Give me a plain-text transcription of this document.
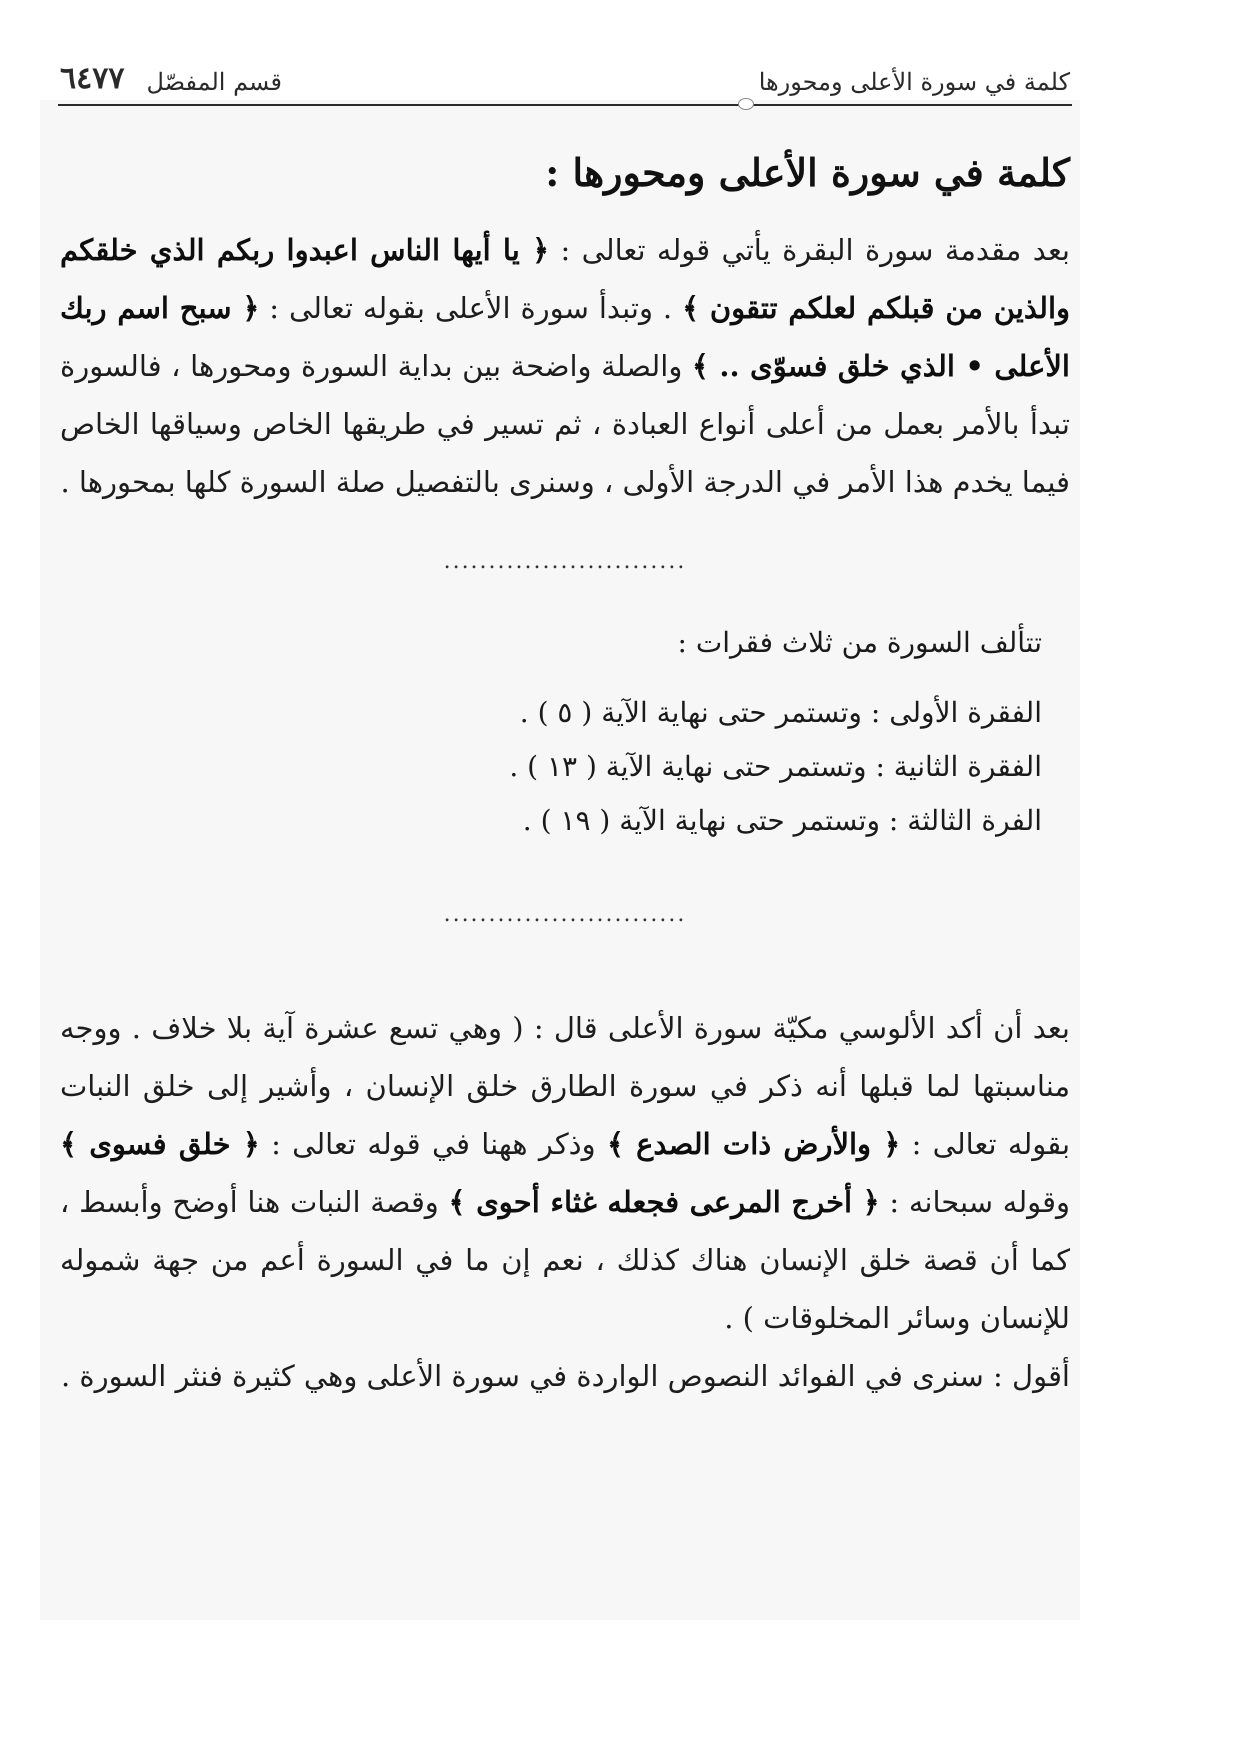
كلمة في سورة الأعلى ومحورها
قسم المفصّل
٦٤٧٧
كلمة في سورة الأعلى ومحورها :

بعد مقدمة سورة البقرة يأتي قوله تعالى : ﴿ يا أيها الناس اعبدوا ربكم الذي خلقكم والذين من قبلكم لعلكم تتقون ﴾ . وتبدأ سورة الأعلى بقوله تعالى : ﴿ سبح اسم ربك الأعلى • الذي خلق فسوّى .. ﴾ والصلة واضحة بين بداية السورة ومحورها ، فالسورة تبدأ بالأمر بعمل من أعلى أنواع العبادة ، ثم تسير في طريقها الخاص وسياقها الخاص فيما يخدم هذا الأمر في الدرجة الأولى ، وسنرى بالتفصيل صلة السورة كلها بمحورها .

...........................
تتألف السورة من ثلاث فقرات :
الفقرة الأولى : وتستمر حتى نهاية الآية ( ٥ ) .
الفقرة الثانية : وتستمر حتى نهاية الآية ( ١٣ ) .
الفرة الثالثة : وتستمر حتى نهاية الآية ( ١٩ ) .
...........................

بعد أن أكد الألوسي مكيّة سورة الأعلى قال : ( وهي تسع عشرة آية بلا خلاف . ووجه مناسبتها لما قبلها أنه ذكر في سورة الطارق خلق الإنسان ، وأشير إلى خلق النبات بقوله تعالى : ﴿ والأرض ذات الصدع ﴾ وذكر ههنا في قوله تعالى : ﴿ خلق فسوى ﴾ وقوله سبحانه : ﴿ أخرج المرعى فجعله غثاء أحوى ﴾ وقصة النبات هنا أوضح وأبسط ، كما أن قصة خلق الإنسان هناك كذلك ، نعم إن ما في السورة أعم من جهة شموله للإنسان وسائر المخلوقات ) .

أقول : سنرى في الفوائد النصوص الواردة في سورة الأعلى وهي كثيرة فنثر السورة .
